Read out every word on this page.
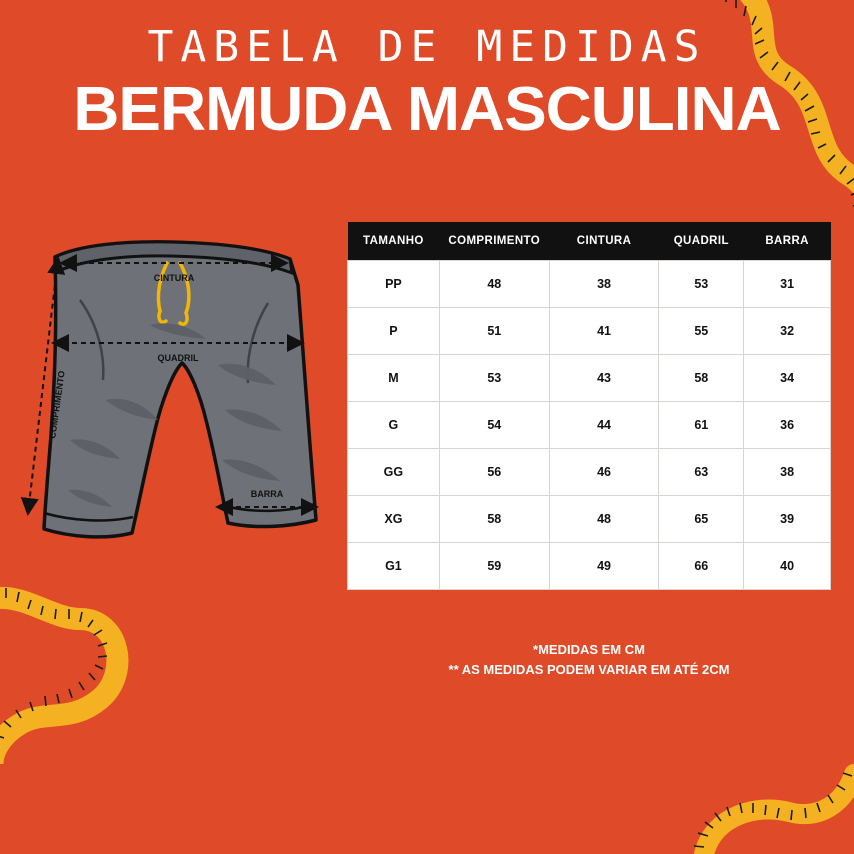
TABELA DE MEDIDAS
BERMUDA MASCULINA
CINTURA
QUADRIL
COMPRIMENTO
BARRA
TAMANHO	COMPRIMENTO	CINTURA	QUADRIL	BARRA
PP	48	38	53	31
P	51	41	55	32
M	53	43	58	34
G	54	44	61	36
GG	56	46	63	38
XG	58	48	65	39
G1	59	49	66	40
*MEDIDAS EM CM
** AS MEDIDAS PODEM VARIAR EM ATÉ 2CM
